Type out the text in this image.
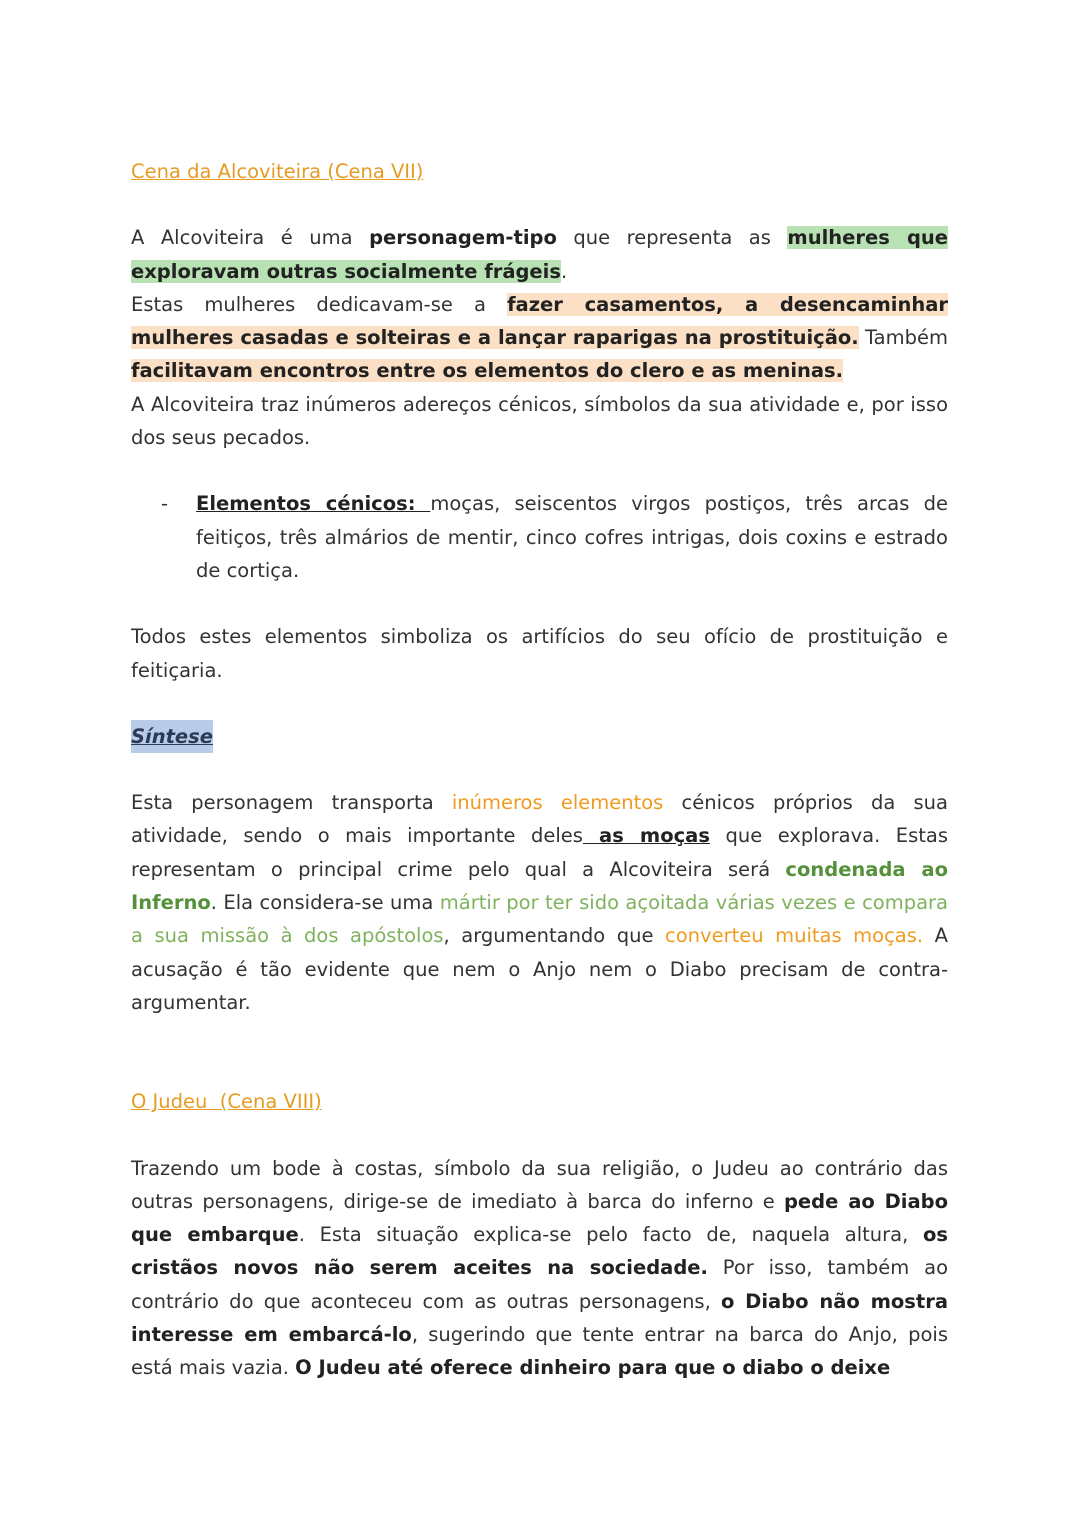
Cena da Alcoviteira (Cena VII)

A Alcoviteira é uma personagem-tipo que representa as mulheres que exploravam outras socialmente frágeis.

Estas mulheres dedicavam-se a fazer casamentos, a desencaminhar mulheres casadas e solteiras e a lançar raparigas na prostituição. Também facilitavam encontros entre os elementos do clero e as meninas.

A Alcoviteira traz inúmeros adereços cénicos, símbolos da sua atividade e, por isso dos seus pecados.

-	Elementos cénicos: moças, seiscentos virgos postiços, três arcas de feitiços, três almários de mentir, cinco cofres intrigas, dois coxins e estrado de cortiça.

Todos estes elementos simboliza os artifícios do seu ofício de prostituição e feitiçaria.

Síntese

Esta personagem transporta inúmeros elementos cénicos próprios da sua atividade, sendo o mais importante deles as moças que explorava. Estas representam o principal crime pelo qual a Alcoviteira será condenada ao Inferno. Ela considera-se uma mártir por ter sido açoitada várias vezes e compara a sua missão à dos apóstolos, argumentando que converteu muitas moças. A acusação é tão evidente que nem o Anjo nem o Diabo precisam de contra-argumentar.

O Judeu  (Cena VIII)

Trazendo um bode à costas, símbolo da sua religião, o Judeu ao contrário das outras personagens, dirige-se de imediato à barca do inferno e pede ao Diabo que embarque. Esta situação explica-se pelo facto de, naquela altura, os cristãos novos não serem aceites na sociedade. Por isso, também ao contrário do que aconteceu com as outras personagens, o Diabo não mostra interesse em embarcá-lo, sugerindo que tente entrar na barca do Anjo, pois está mais vazia. O Judeu até oferece dinheiro para que o diabo o deixe
